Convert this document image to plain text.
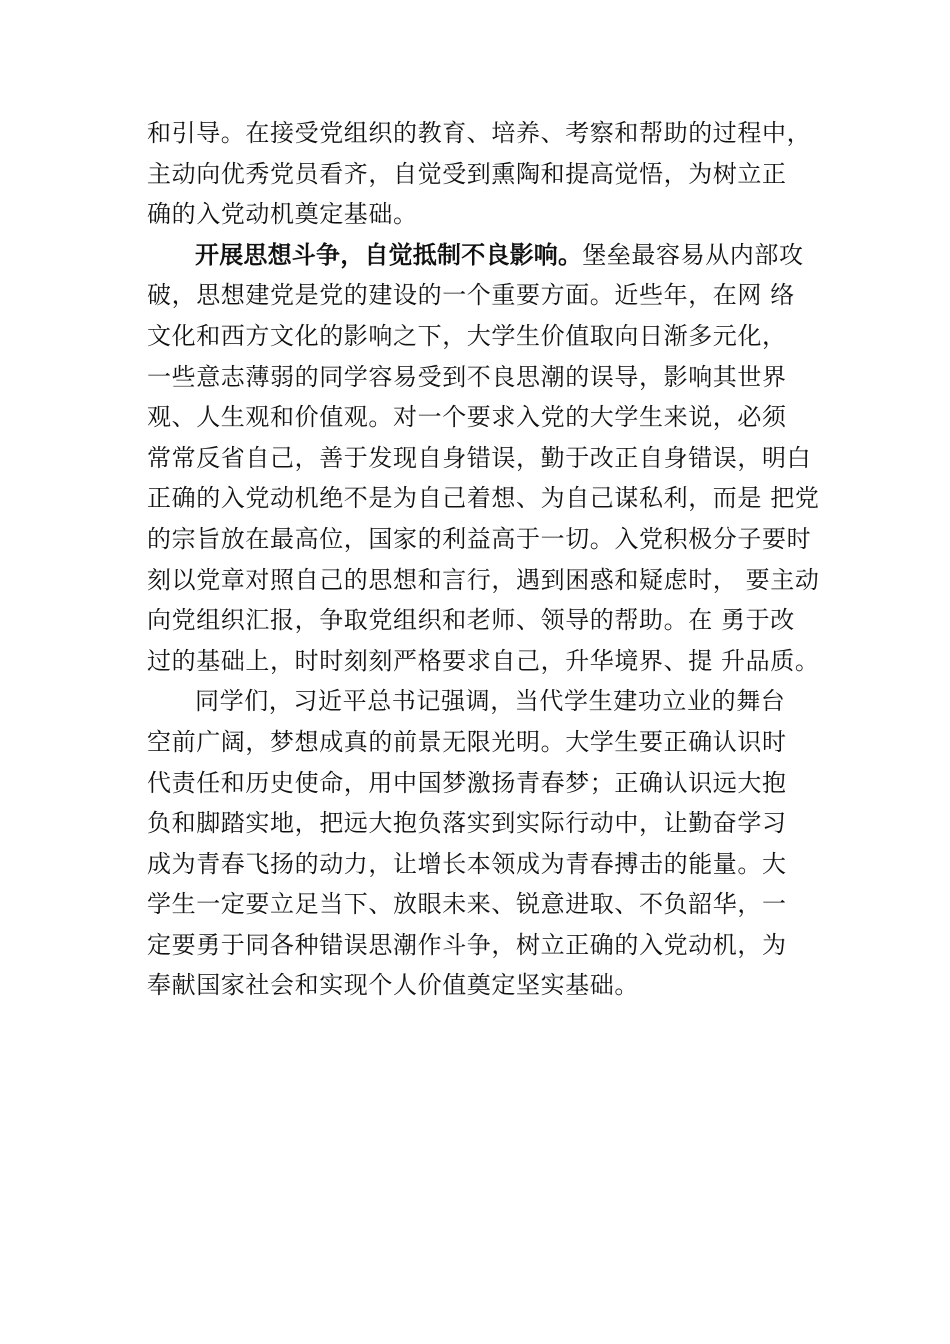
和引导。在接受党组织的教育、培养、考察和帮助的过程中，
主动向优秀党员看齐，自觉受到熏陶和提高觉悟，为树立正
确的入党动机奠定基础。
开展思想斗争，自觉抵制不良影响。堡垒最容易从内部攻
破，思想建党是党的建设的一个重要方面。近些年，在网 络
文化和西方文化的影响之下，大学生价值取向日渐多元化，
一些意志薄弱的同学容易受到不良思潮的误导，影响其世界
观、人生观和价值观。对一个要求入党的大学生来说，必须
常常反省自己，善于发现自身错误，勤于改正自身错误，明白
正确的入党动机绝不是为自己着想、为自己谋私利，而是 把党
的宗旨放在最高位，国家的利益高于一切。入党积极分子要时
刻以党章对照自己的思想和言行，遇到困惑和疑虑时， 要主动
向党组织汇报，争取党组织和老师、领导的帮助。在 勇于改
过的基础上，时时刻刻严格要求自己，升华境界、提 升品质。
同学们，习近平总书记强调，当代学生建功立业的舞台
空前广阔，梦想成真的前景无限光明。大学生要正确认识时
代责任和历史使命，用中国梦激扬青春梦；正确认识远大抱
负和脚踏实地，把远大抱负落实到实际行动中，让勤奋学习
成为青春飞扬的动力，让增长本领成为青春搏击的能量。大
学生一定要立足当下、放眼未来、锐意进取、不负韶华，一
定要勇于同各种错误思潮作斗争，树立正确的入党动机，为
奉献国家社会和实现个人价值奠定坚实基础。
